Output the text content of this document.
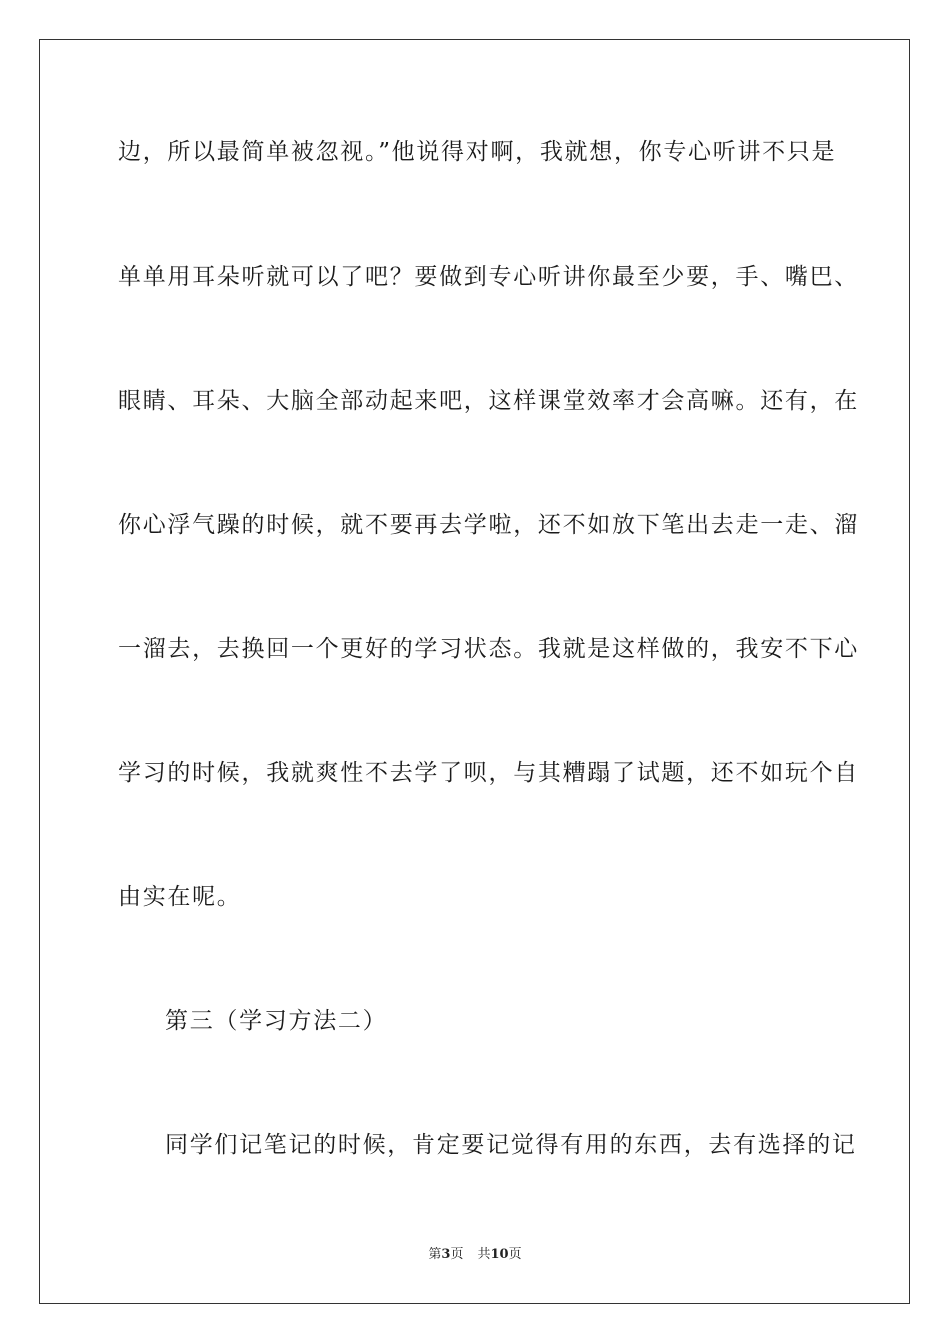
边，所以最简单被忽视。”他说得对啊，我就想，你专心听讲不只是
单单用耳朵听就可以了吧？要做到专心听讲你最至少要，手、嘴巴、
眼睛、耳朵、大脑全部动起来吧，这样课堂效率才会高嘛。还有，在
你心浮气躁的时候，就不要再去学啦，还不如放下笔出去走一走、溜
一溜去，去换回一个更好的学习状态。我就是这样做的，我安不下心
学习的时候，我就爽性不去学了呗，与其糟蹋了试题，还不如玩个自
由实在呢。
第三（学习方法二）
同学们记笔记的时候，肯定要记觉得有用的东西，去有选择的记
第3页 共10页
